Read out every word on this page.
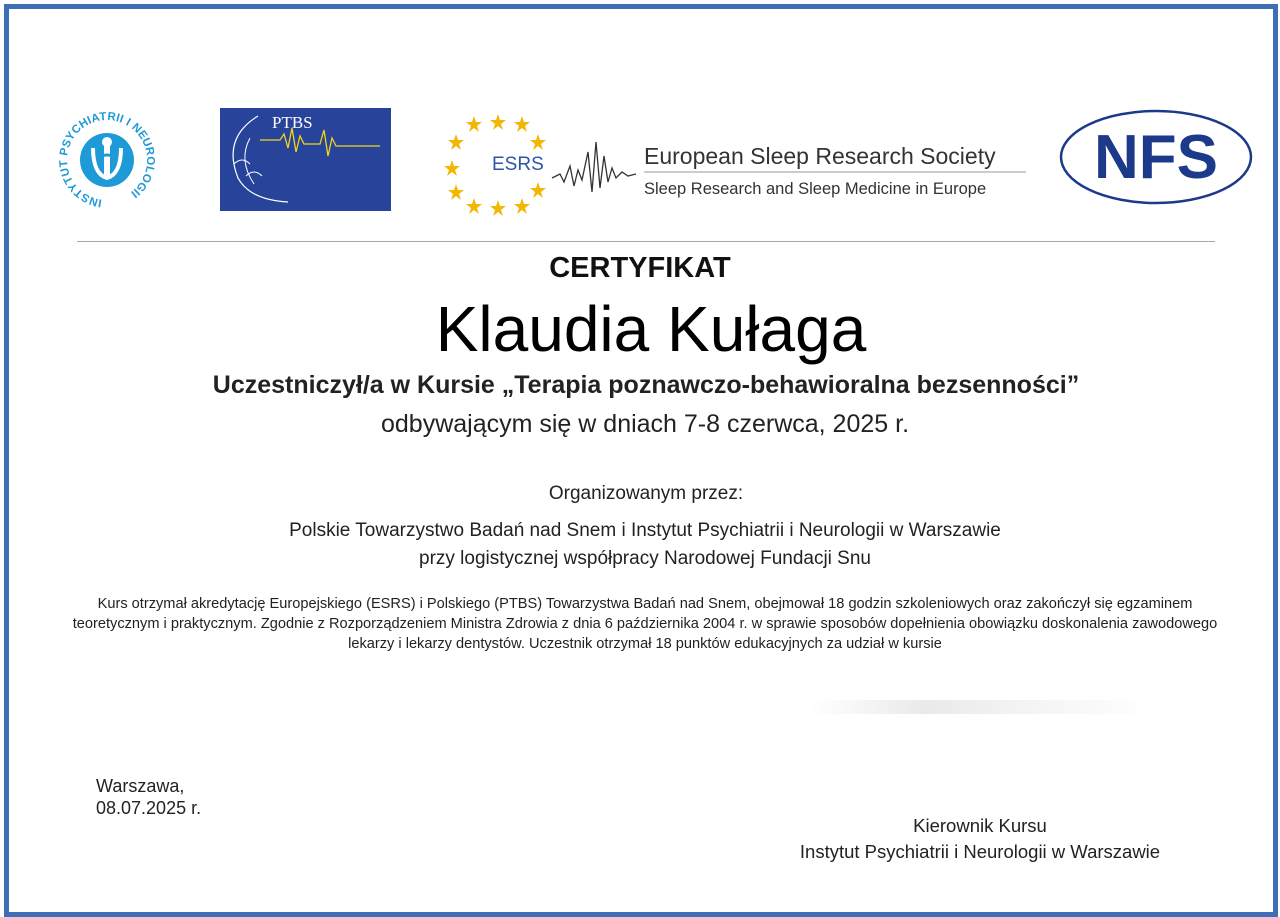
INSTYTUT PSYCHIATRII I NEUROLOGII
PTBS
ESRS	European Sleep Research Society
Sleep Research and Sleep Medicine in Europe NFS
CERTYFIKAT
Klaudia Kułaga
Uczestniczył/a w Kursie „Terapia poznawczo-behawioralna bezsenności”
odbywającym się w dniach 7-8 czerwca, 2025 r.
Organizowanym przez:
Polskie Towarzystwo Badań nad Snem i Instytut Psychiatrii i Neurologii w Warszawie
przy logistycznej współpracy Narodowej Fundacji Snu
Kurs otrzymał akredytację Europejskiego (ESRS) i Polskiego (PTBS) Towarzystwa Badań nad Snem, obejmował 18 godzin szkoleniowych oraz zakończył się egzaminem teoretycznym i praktycznym. Zgodnie z Rozporządzeniem Ministra Zdrowia z dnia 6 października 2004 r. w sprawie sposobów dopełnienia obowiązku doskonalenia zawodowego lekarzy i lekarzy dentystów. Uczestnik otrzymał 18 punktów edukacyjnych za udział w kursie
Warszawa,
08.07.2025 r.
Kierownik Kursu
Instytut Psychiatrii i Neurologii w Warszawie
